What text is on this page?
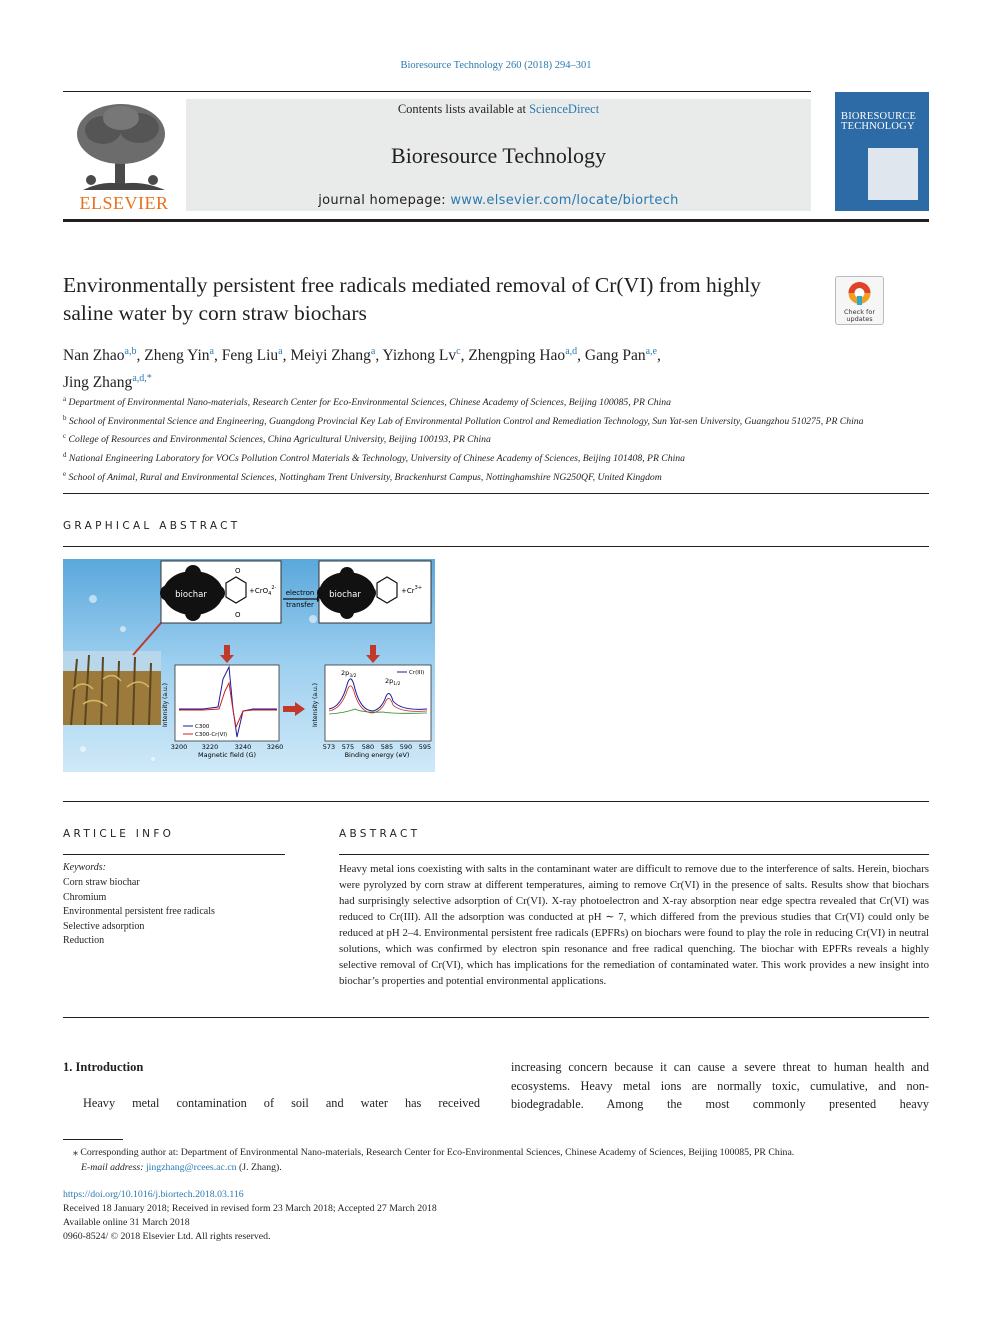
Bioresource Technology 260 (2018) 294–301
ELSEVIER
Contents lists available at ScienceDirect
Bioresource Technology
journal homepage: www.elsevier.com/locate/biortech
BIORESOURCE
TECHNOLOGY
Environmentally persistent free radicals mediated removal of Cr(VI) from highly saline water by corn straw biochars	Check for
updates
Nan Zhao$^{a,b}$, Zheng Yin$^a$, Feng Liu$^a$, Meiyi Zhang$^a$, Yizhong Lv$^c$, Zhengping Hao$^{a,d}$, Gang Pan$^{a,e}$,
Jing Zhang$^{a,d,*}$

$^a$ Department of Environmental Nano-materials, Research Center for Eco-Environmental Sciences, Chinese Academy of Sciences, Beijing 100085, PR China

$^b$ School of Environmental Science and Engineering, Guangdong Provincial Key Lab of Environmental Pollution Control and Remediation Technology, Sun Yat-sen University, Guangzhou 510275, PR China

$^c$ College of Resources and Environmental Sciences, China Agricultural University, Beijing 100193, PR China

$^d$ National Engineering Laboratory for VOCs Pollution Control Materials & Technology, University of Chinese Academy of Sciences, Beijing 101408, PR China

$^e$ School of Animal, Rural and Environmental Sciences, Nottingham Trent University, Brackenhurst Campus, Nottinghamshire NG250QF, United Kingdom

GRAPHICAL ABSTRACT
biochar
O
O
+CrO$_4^{2-}$
electron
transfer
biochar	$+Cr^{3+}$
Intensity (a.u.)
Magnetic field (G)
3200 3220	3240 3260
C300
C300-Cr(VI)
Intensity (a.u.)
Binding energy (eV)
573 575 580 585 590 595
$2p_{3/2}$
$2p_{1/2}$
Cr(III)
ARTICLE INFO
Keywords:
Corn straw biochar
Chromium
Environmental persistent free radicals
Selective adsorption
Reduction
ABSTRACT
Heavy metal ions coexisting with salts in the contaminant water are difficult to remove due to the interference of salts. Herein, biochars were pyrolyzed by corn straw at different temperatures, aiming to remove Cr(VI) in the presence of salts. Results show that biochars had surprisingly selective adsorption of Cr(VI). X-ray photoelectron and X-ray absorption near edge spectra revealed that Cr(VI) was reduced to Cr(III). All the adsorption was conducted at pH ∼ 7, which differed from the previous studies that Cr(VI) could only be reduced at pH 2–4. Environmental persistent free radicals (EPFRs) on biochars were found to play the role in reducing Cr(VI) in neutral solutions, which was confirmed by electron spin resonance and free radical quenching. The biochar with EPFRs reveals a highly selective removal of Cr(VI), which has implications for the remediation of contaminated water. This work provides a new insight into biochar’s properties and potential environmental applications.
1. Introduction
Heavy metal contamination of soil and water has received
increasing concern because it can cause a severe threat to human health and ecosystems. Heavy metal ions are normally toxic, cumulative, and non-biodegradable. Among the most commonly presented heavy

⁎ Corresponding author at: Department of Environmental Nano-materials, Research Center for Eco-Environmental Sciences, Chinese Academy of Sciences, Beijing 100085, PR China.

E-mail address: jingzhang@rcees.ac.cn (J. Zhang).

https://doi.org/10.1016/j.biortech.2018.03.116
Received 18 January 2018; Received in revised form 23 March 2018; Accepted 27 March 2018
Available online 31 March 2018
0960-8524/ © 2018 Elsevier Ltd. All rights reserved.
